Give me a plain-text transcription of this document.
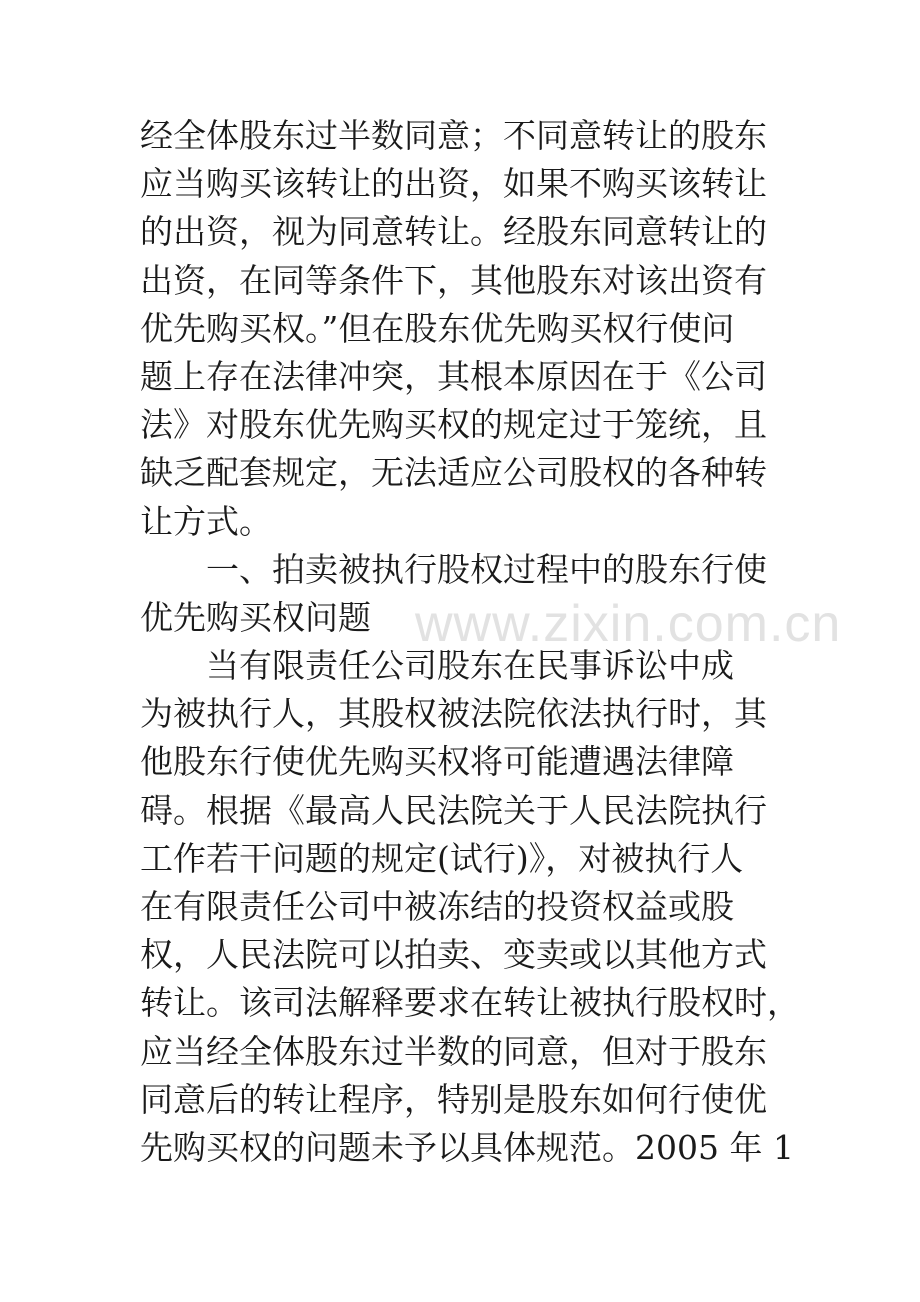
经全体股东过半数同意；不同意转让的股东
应当购买该转让的出资，如果不购买该转让
的出资，视为同意转让。经股东同意转让的
出资，在同等条件下，其他股东对该出资有
优先购买权。”但在股东优先购买权行使问
题上存在法律冲突，其根本原因在于《公司
法》对股东优先购买权的规定过于笼统，且
缺乏配套规定，无法适应公司股权的各种转
让方式。
一、拍卖被执行股权过程中的股东行使
优先购买权问题
当有限责任公司股东在民事诉讼中成
为被执行人，其股权被法院依法执行时，其
他股东行使优先购买权将可能遭遇法律障
碍。根据《最高人民法院关于人民法院执行
工作若干问题的规定(试行)》，对被执行人
在有限责任公司中被冻结的投资权益或股
权，人民法院可以拍卖、变卖或以其他方式
转让。该司法解释要求在转让被执行股权时，
应当经全体股东过半数的同意，但对于股东
同意后的转让程序，特别是股东如何行使优
先购买权的问题未予以具体规范。2005 年 1
www.zixin.com.cn
